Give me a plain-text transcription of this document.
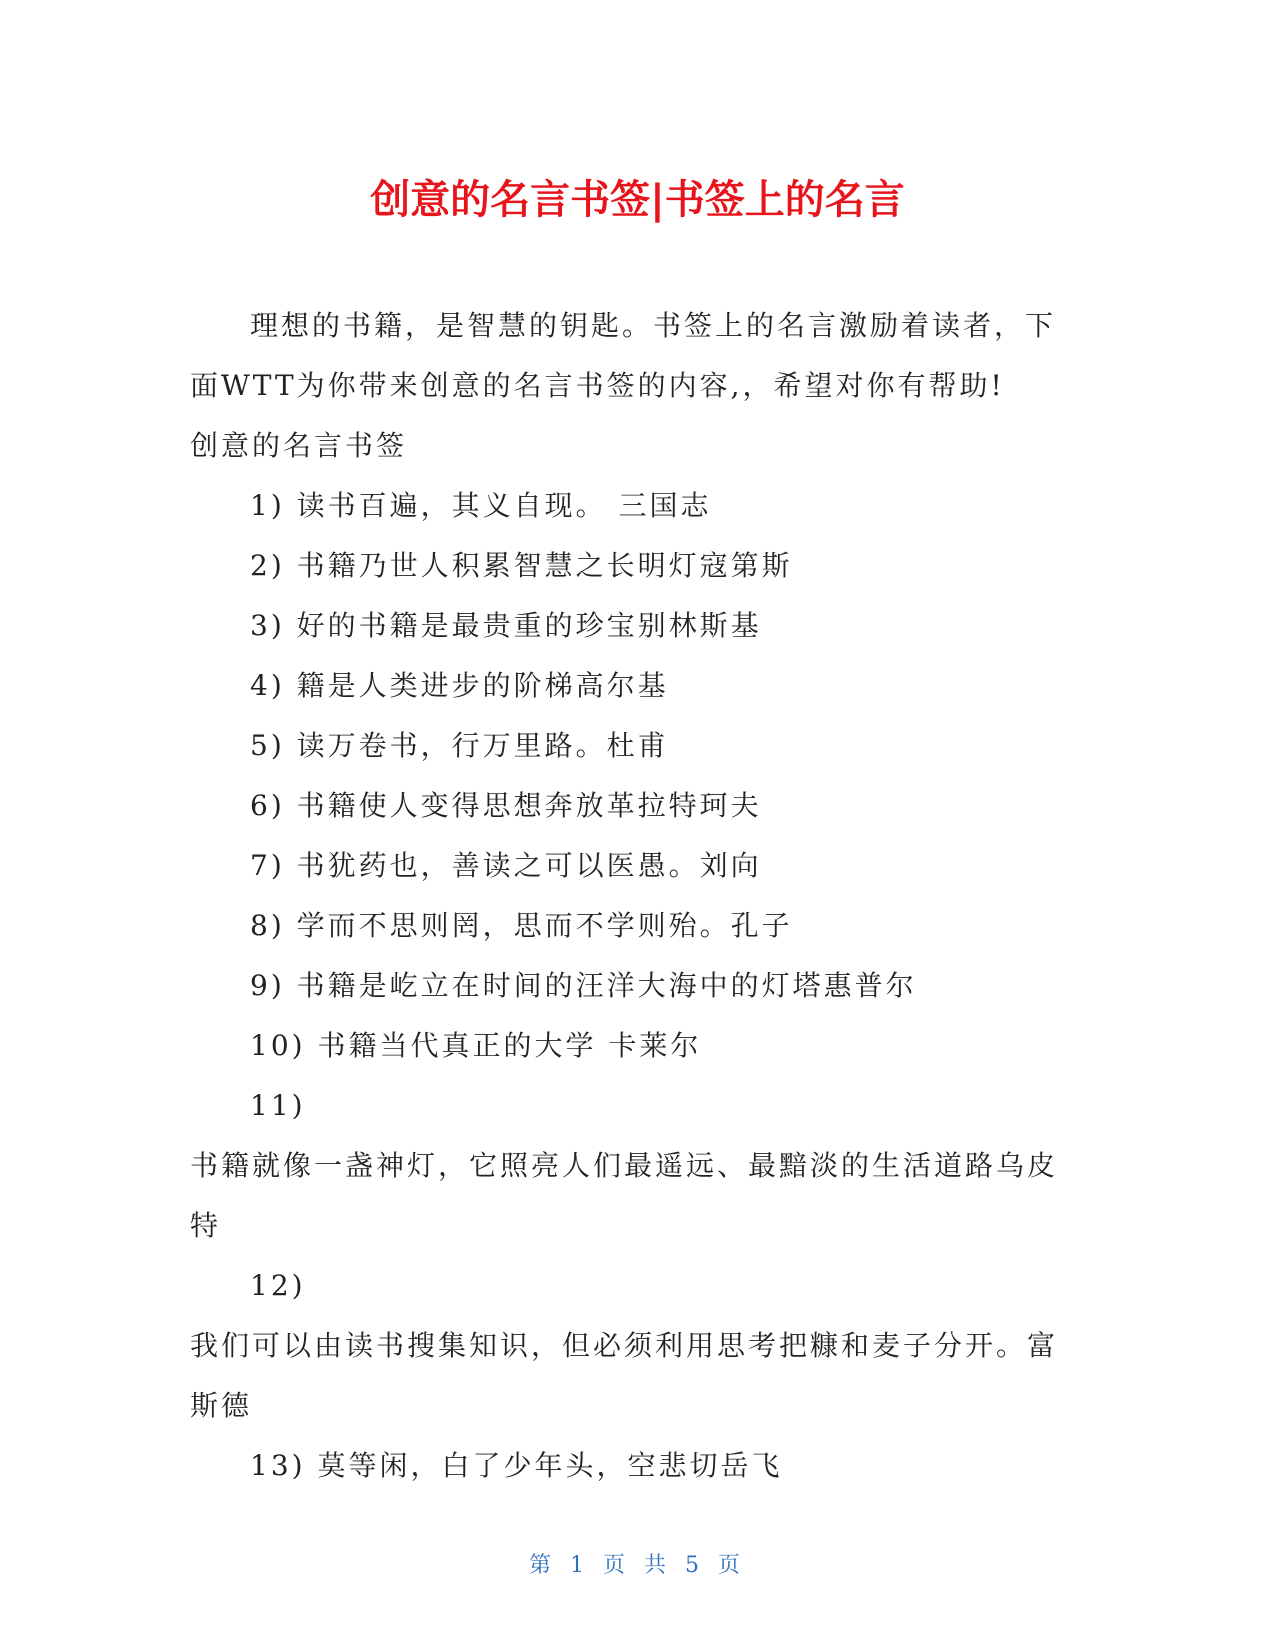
创意的名言书签|书签上的名言

理想的书籍，是智慧的钥匙。书签上的名言激励着读者，下面WTT为你带来创意的名言书签的内容,，希望对你有帮助!

创意的名言书签

1) 读书百遍，其义自现。 三国志

2) 书籍乃世人积累智慧之长明灯寇第斯

3) 好的书籍是最贵重的珍宝别林斯基

4) 籍是人类进步的阶梯高尔基

5) 读万卷书，行万里路。杜甫

6) 书籍使人变得思想奔放革拉特珂夫

7) 书犹药也，善读之可以医愚。刘向

8) 学而不思则罔，思而不学则殆。孔子

9) 书籍是屹立在时间的汪洋大海中的灯塔惠普尔

10) 书籍当代真正的大学 卡莱尔

11)

书籍就像一盏神灯，它照亮人们最遥远、最黯淡的生活道路乌皮特

12)

我们可以由读书搜集知识，但必须利用思考把糠和麦子分开。富斯德

13) 莫等闲，白了少年头，空悲切岳飞

第 1 页 共 5 页
